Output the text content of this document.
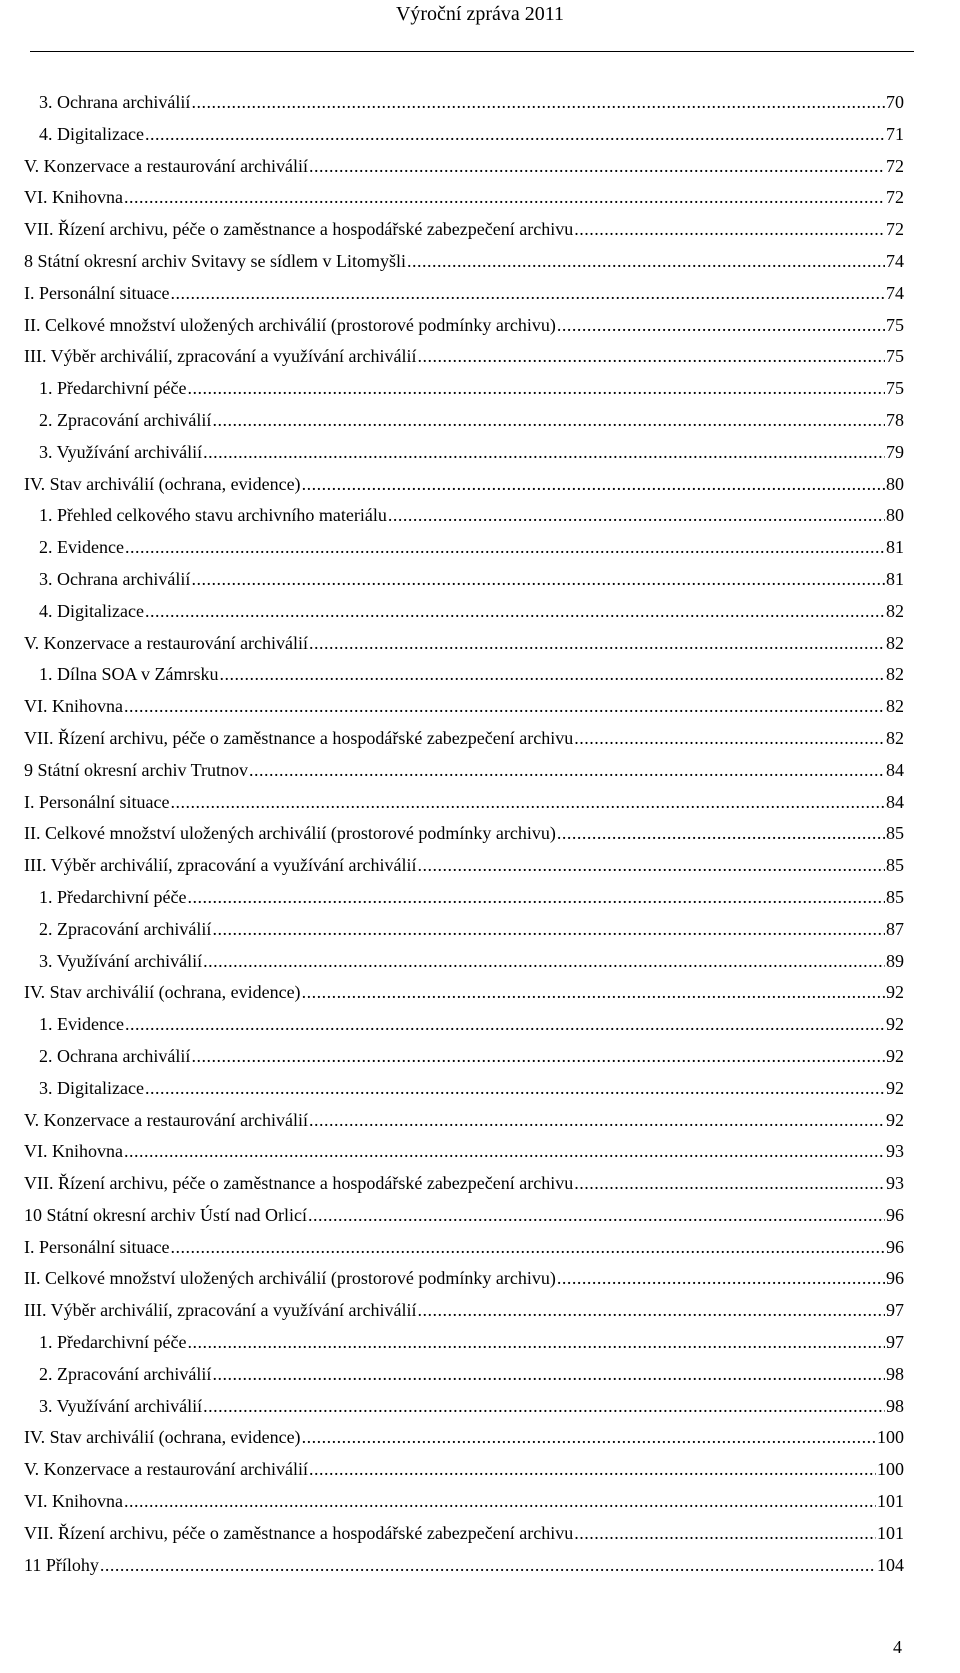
Výroční zpráva 2011
3. Ochrana archiválií .....	70
4. Digitalizace .....	71
V. Konzervace a restaurování archiválií .....	72
VI. Knihovna .....	72
VII. Řízení archivu, péče o zaměstnance a hospodářské zabezpečení archivu .....	72
8 Státní okresní archiv Svitavy se sídlem v Litomyšli .....	74
I. Personální situace .....	74
II. Celkové množství uložených archiválií (prostorové podmínky archivu) .....	75
III. Výběr archiválií, zpracování a využívání archiválií .....	75
1. Předarchivní péče .....	75
2. Zpracování archiválií .....	78
3. Využívání archiválií .....	79
IV. Stav archiválií (ochrana, evidence) .....	80
1. Přehled celkového stavu archivního materiálu .....	80
2. Evidence .....	81
3. Ochrana archiválií .....	81
4. Digitalizace .....	82
V. Konzervace a restaurování archiválií .....	82
1. Dílna SOA v Zámrsku .....	82
VI. Knihovna .....	82
VII. Řízení archivu, péče o zaměstnance a hospodářské zabezpečení archivu .....	82
9 Státní okresní archiv Trutnov .....	84
I. Personální situace .....	84
II. Celkové množství uložených archiválií (prostorové podmínky archivu) .....	85
III. Výběr archiválií, zpracování a využívání archiválií .....	85
1. Předarchivní péče .....	85
2. Zpracování archiválií .....	87
3. Využívání archiválií .....	89
IV. Stav archiválií (ochrana, evidence) .....	92
1. Evidence .....	92
2. Ochrana archiválií .....	92
3. Digitalizace .....	92
V. Konzervace a restaurování archiválií .....	92
VI. Knihovna .....	93
VII. Řízení archivu, péče o zaměstnance a hospodářské zabezpečení archivu .....	93
10 Státní okresní archiv Ústí nad Orlicí .....	96
I. Personální situace .....	96
II. Celkové množství uložených archiválií (prostorové podmínky archivu) .....	96
III. Výběr archiválií, zpracování a využívání archiválií .....	97
1. Předarchivní péče .....	97
2. Zpracování archiválií .....	98
3. Využívání archiválií .....	98
IV. Stav archiválií (ochrana, evidence) .....	100
V. Konzervace a restaurování archiválií .....	100
VI. Knihovna .....	101
VII. Řízení archivu, péče o zaměstnance a hospodářské zabezpečení archivu .....	101
11 Přílohy .....	104
4
